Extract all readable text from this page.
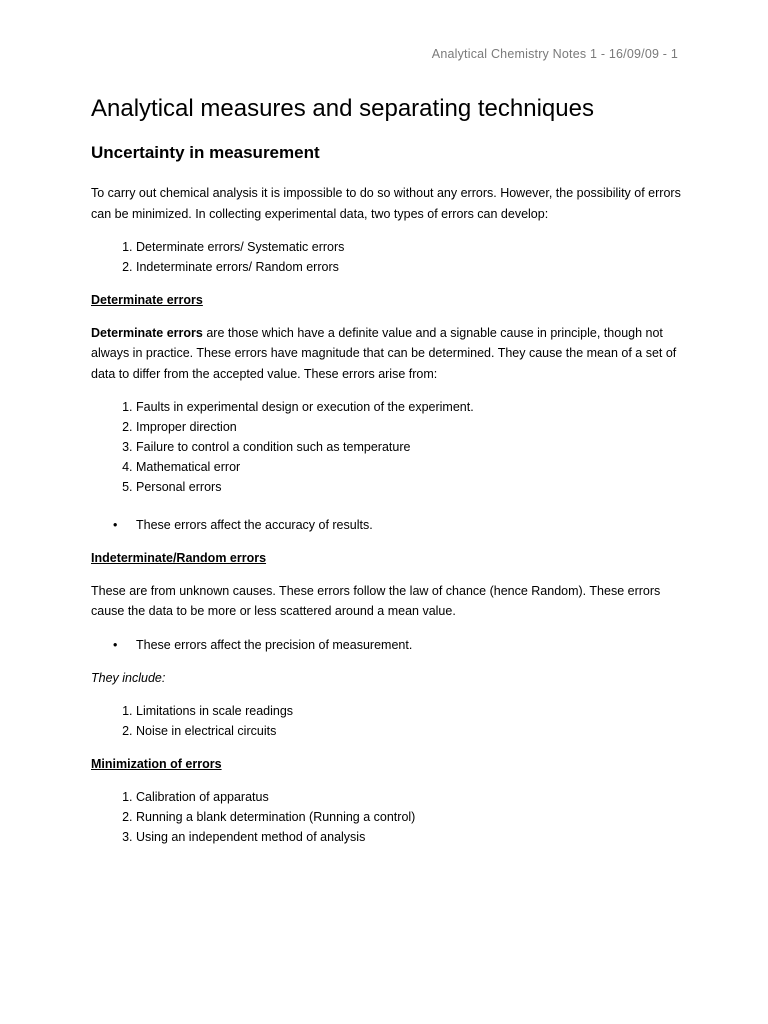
Analytical Chemistry Notes 1 - 16/09/09 - 1
Analytical measures and separating techniques
Uncertainty in measurement

To carry out chemical analysis it is impossible to do so without any errors. However, the possibility of errors can be minimized. In collecting experimental data, two types of errors can develop:

1. Determinate errors/ Systematic errors
2. Indeterminate errors/ Random errors

Determinate errors

Determinate errors are those which have a definite value and a signable cause in principle, though not always in practice. These errors have magnitude that can be determined. They cause the mean of a set of data to differ from the accepted value. These errors arise from:

1. Faults in experimental design or execution of the experiment.
2. Improper direction
3. Failure to control a condition such as temperature
4. Mathematical error
5. Personal errors
• These errors affect the accuracy of results.

Indeterminate/Random errors

These are from unknown causes. These errors follow the law of chance (hence Random). These errors cause the data to be more or less scattered around a mean value.

• These errors affect the precision of measurement.

They include:

1. Limitations in scale readings
2. Noise in electrical circuits

Minimization of errors

1. Calibration of apparatus
2. Running a blank determination (Running a control)
3. Using an independent method of analysis
